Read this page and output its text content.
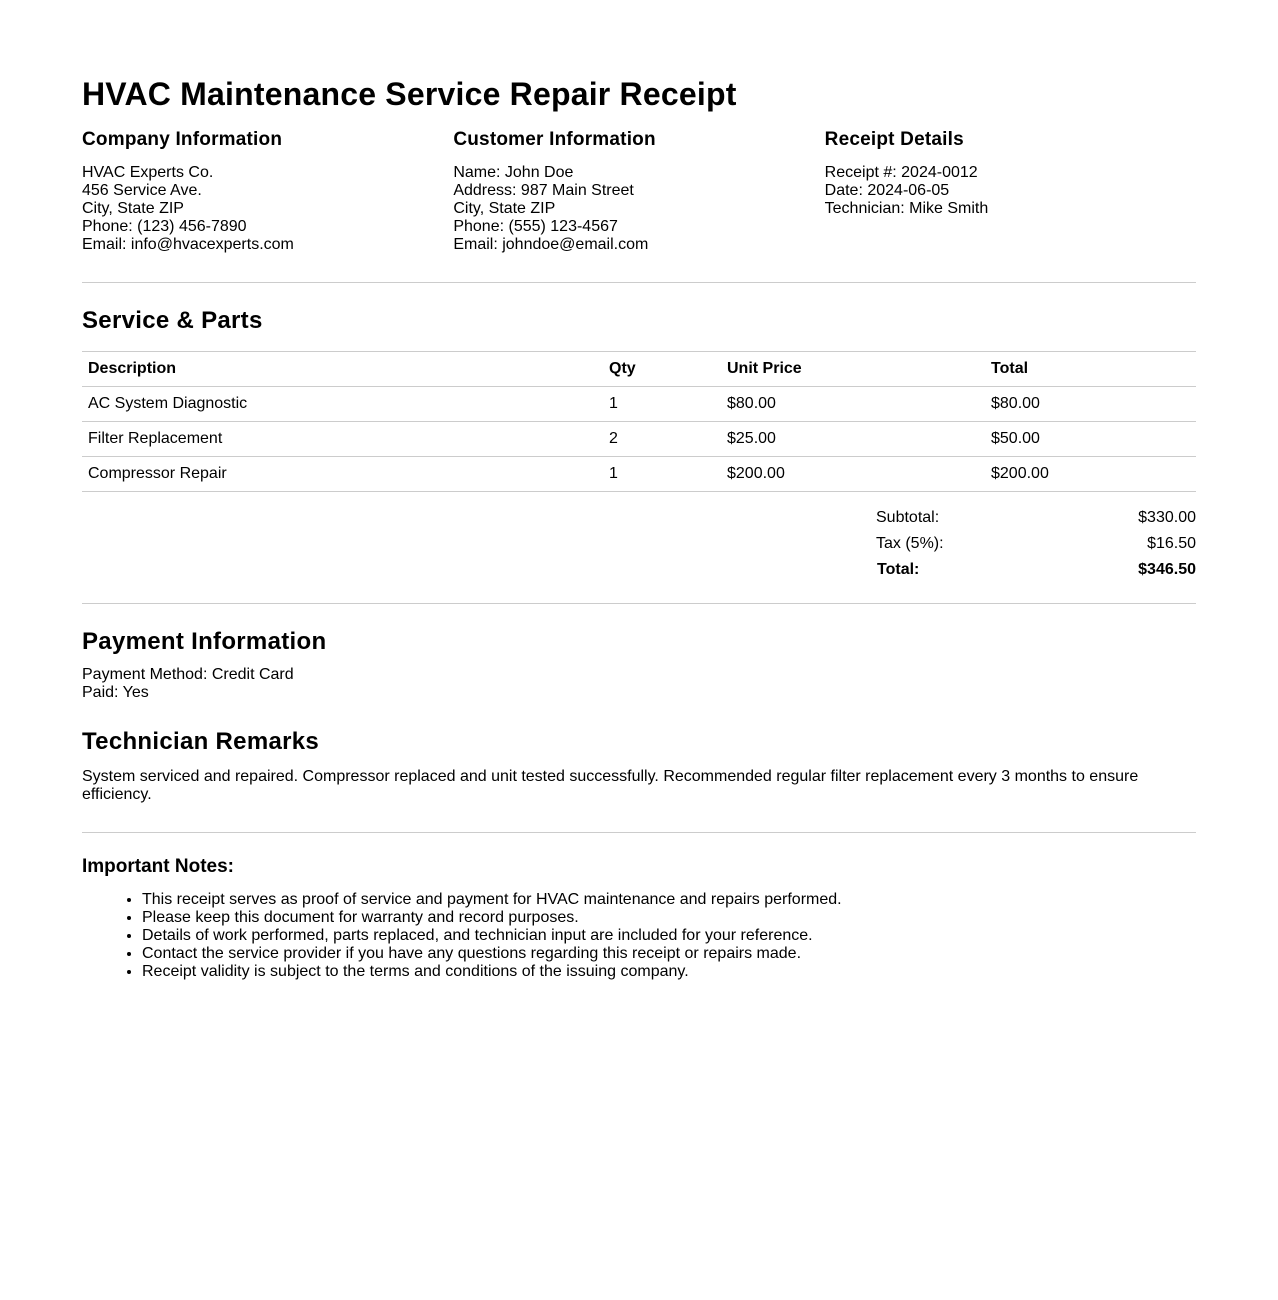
HVAC Maintenance Service Repair Receipt
Company Information
HVAC Experts Co.
456 Service Ave.
City, State ZIP
Phone: (123) 456-7890
Email: info@hvacexperts.com
Customer Information
Name: John Doe
Address: 987 Main Street
City, State ZIP
Phone: (555) 123-4567
Email: johndoe@email.com
Receipt Details
Receipt #: 2024-0012
Date: 2024-06-05
Technician: Mike Smith
Service & Parts
Description	Qty	Unit Price	Total
AC System Diagnostic	1	$80.00	$80.00
Filter Replacement	2	$25.00	$50.00
Compressor Repair	1	$200.00	$200.00
Subtotal:	$330.00
Tax (5%):	$16.50
Total:	$346.50
Payment Information
Payment Method: Credit Card
Paid: Yes
Technician Remarks
System serviced and repaired. Compressor replaced and unit tested successfully. Recommended regular filter replacement every 3 months to ensure efficiency.
Important Notes:
• This receipt serves as proof of service and payment for HVAC maintenance and repairs performed.
• Please keep this document for warranty and record purposes.
• Details of work performed, parts replaced, and technician input are included for your reference.
• Contact the service provider if you have any questions regarding this receipt or repairs made.
• Receipt validity is subject to the terms and conditions of the issuing company.
